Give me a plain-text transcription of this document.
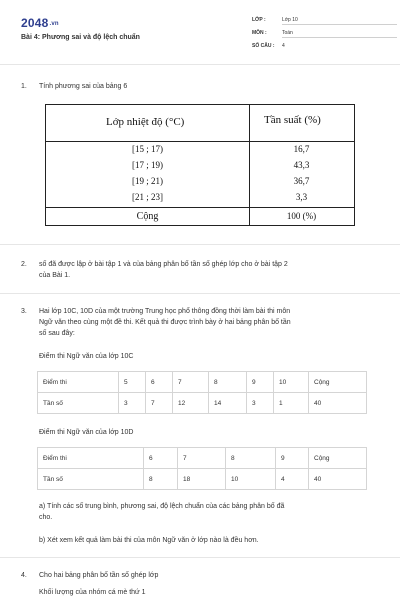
2048.vn
Bài 4: Phương sai và độ lệch chuẩn
LỚP :	Lớp 10
MÔN :	Toán
SỐ CÂU : 4
1. Tính phương sai của bảng 6
Lớp nhiệt độ (°C)	Tần suất (%)
[15 ; 17)	16,7
[17 ; 19)	43,3
[19 ; 21)	36,7
[21 ; 23]	3,3
Cộng	100 (%)
2. số đã được lập ở bài tập 1 và của bảng phân bố tần số ghép lớp cho ở bài tập 2
của Bài 1.
3. Hai lớp 10C, 10D của một trường Trung học phổ thông đồng thời làm bài thi môn
Ngữ văn theo cùng một đề thi. Kết quả thi được trình bày ở hai bảng phân bố tần
số sau đây:
Điểm thi Ngữ văn của lớp 10C
Điểm thi	5	6	7	8	9	10	Cộng
Tần số	3	7	12	14	3	1	40
Điểm thi Ngữ văn của lớp 10D
Điểm thi	6	7	8	9	Cộng
Tần số	8	18	10	4	40
a) Tính các số trung bình, phương sai, độ lệch chuẩn của các bảng phân bố đã
cho.
b) Xét xem kết quả làm bài thi của môn Ngữ văn ở lớp nào là đều hơn.
4. Cho hai bảng phân bố tần số ghép lớp
Khối lượng của nhóm cá mè thứ 1
